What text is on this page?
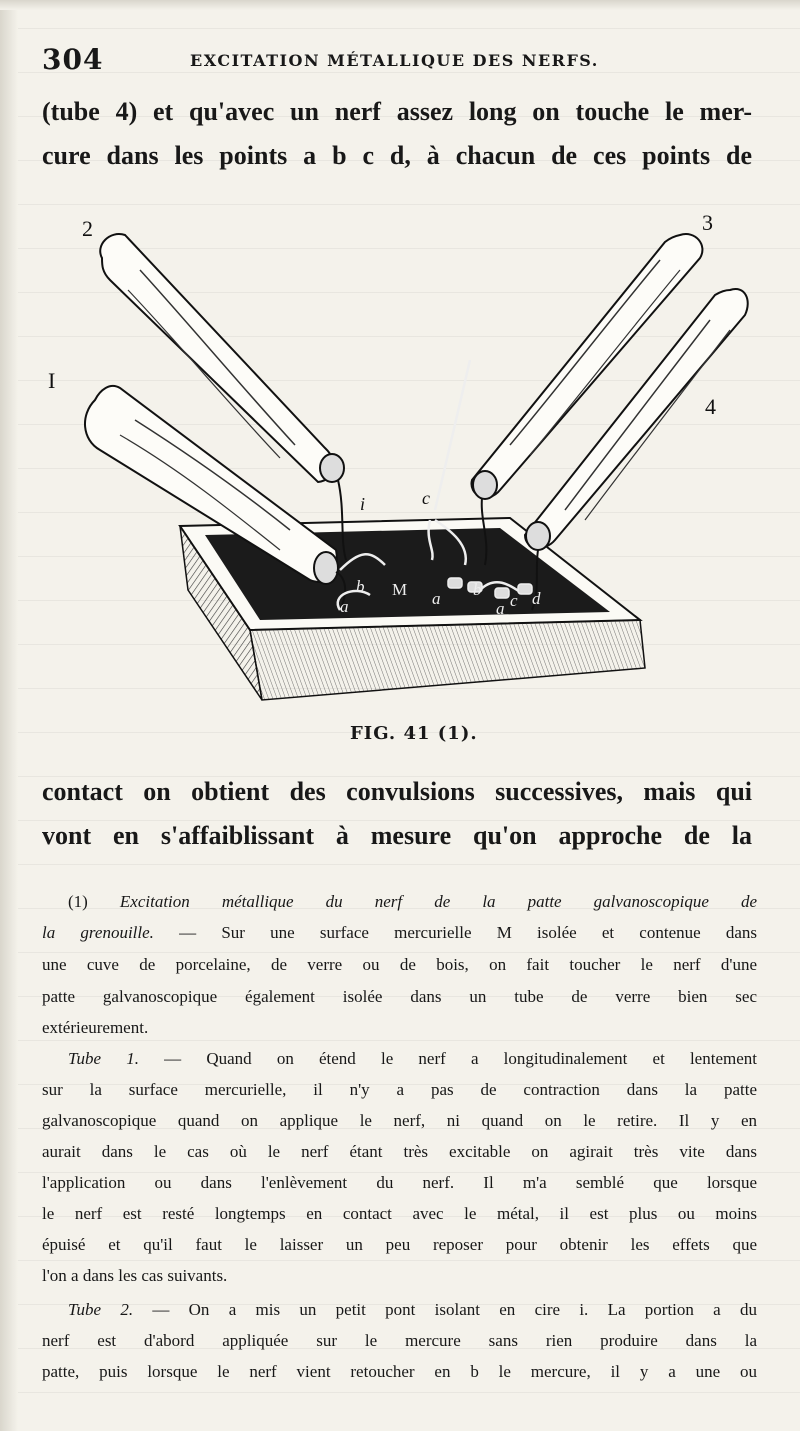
304	EXCITATION MÉTALLIQUE DES NERFS.
(tube 4) et qu'avec un nerf assez long on touche le mer-
cure dans les points a b c d, à chacun de ces points de
I
2	3
4
i	c
M
a
b
a b
a c d
FIG. 41 (1).
contact on obtient des convulsions successives, mais qui
vont en s'affaiblissant à mesure qu'on approche de la
(1) Excitation métallique du nerf de la patte galvanoscopique de
la grenouille. — Sur une surface mercurielle M isolée et contenue dans
une cuve de porcelaine, de verre ou de bois, on fait toucher le nerf d'une
patte galvanoscopique également isolée dans un tube de verre bien sec
extérieurement.
Tube 1. — Quand on étend le nerf a longitudinalement et lentement
sur la surface mercurielle, il n'y a pas de contraction dans la patte
galvanoscopique quand on applique le nerf, ni quand on le retire. Il y en
aurait dans le cas où le nerf étant très excitable on agirait très vite dans
l'application ou dans l'enlèvement du nerf. Il m'a semblé que lorsque
le nerf est resté longtemps en contact avec le métal, il est plus ou moins
épuisé et qu'il faut le laisser un peu reposer pour obtenir les effets que
l'on a dans les cas suivants.
Tube 2. — On a mis un petit pont isolant en cire i. La portion a du
nerf est d'abord appliquée sur le mercure sans rien produire dans la
patte, puis lorsque le nerf vient retoucher en b le mercure, il y a une ou
